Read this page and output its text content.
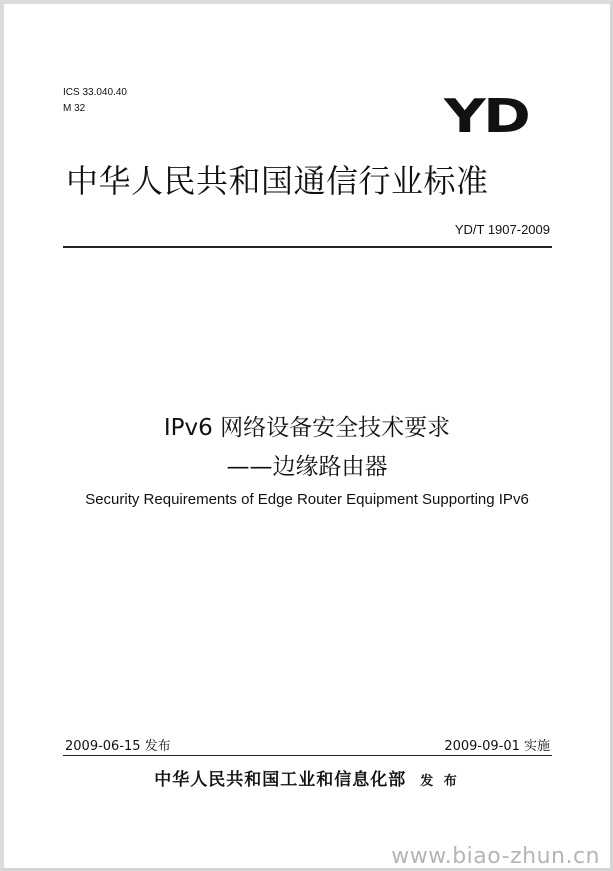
ICS 33.040.40
M 32	YD
中华人民共和国通信行业标准
YD/T 1907-2009
IPv6 网络设备安全技术要求
——边缘路由器
Security Requirements of Edge Router Equipment Supporting IPv6
2009-06-15 发布	2009-09-01 实施
中华人民共和国工业和信息化部 发 布
www.biao-zhun.cn
